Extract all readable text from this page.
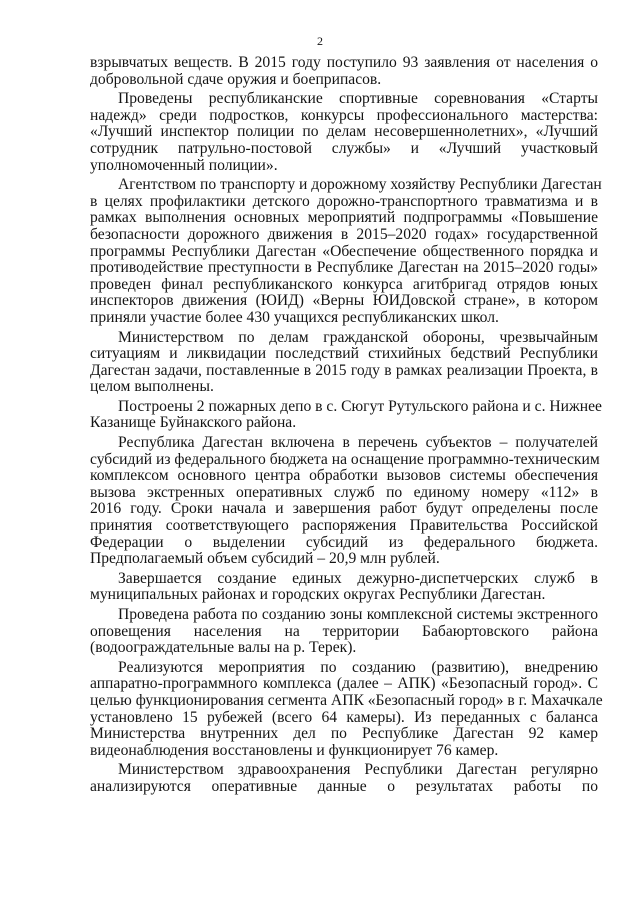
2

взрывчатых веществ. В 2015 году поступило 93 заявления от населения о
добровольной сдаче оружия и боеприпасов.

Проведены республиканские спортивные соревнования «Старты
надежд» среди подростков, конкурсы профессионального мастерства:
«Лучший инспектор полиции по делам несовершеннолетних», «Лучший
сотрудник патрульно-постовой службы» и «Лучший участковый
уполномоченный полиции».

Агентством по транспорту и дорожному хозяйству Республики Дагестан
в целях профилактики детского дорожно-транспортного травматизма и в
рамках выполнения основных мероприятий подпрограммы «Повышение
безопасности дорожного движения в 2015–2020 годах» государственной
программы Республики Дагестан «Обеспечение общественного порядка и
противодействие преступности в Республике Дагестан на 2015–2020 годы»
проведен финал республиканского конкурса агитбригад отрядов юных
инспекторов движения (ЮИД) «Верны ЮИДовской стране», в котором
приняли участие более 430 учащихся республиканских школ.

Министерством по делам гражданской обороны, чрезвычайным
ситуациям и ликвидации последствий стихийных бедствий Республики
Дагестан задачи, поставленные в 2015 году в рамках реализации Проекта, в
целом выполнены.

Построены 2 пожарных депо в с. Сюгут Рутульского района и с. Нижнее
Казанище Буйнакского района.

Республика Дагестан включена в перечень субъектов – получателей
субсидий из федерального бюджета на оснащение программно-техническим
комплексом основного центра обработки вызовов системы обеспечения
вызова экстренных оперативных служб по единому номеру «112» в
2016 году. Сроки начала и завершения работ будут определены после
принятия соответствующего распоряжения Правительства Российской
Федерации о выделении субсидий из федерального бюджета.
Предполагаемый объем субсидий – 20,9 млн рублей.

Завершается создание единых дежурно-диспетчерских служб в
муниципальных районах и городских округах Республики Дагестан.

Проведена работа по созданию зоны комплексной системы экстренного
оповещения населения на территории Бабаюртовского района
(водоограждательные валы на р. Терек).

Реализуются мероприятия по созданию (развитию), внедрению
аппаратно-программного комплекса (далее – АПК) «Безопасный город». С
целью функционирования сегмента АПК «Безопасный город» в г. Махачкале
установлено 15 рубежей (всего 64 камеры). Из переданных с баланса
Министерства внутренних дел по Республике Дагестан 92 камер
видеонаблюдения восстановлены и функционирует 76 камер.

Министерством здравоохранения Республики Дагестан регулярно
анализируются оперативные данные о результатах работы по
